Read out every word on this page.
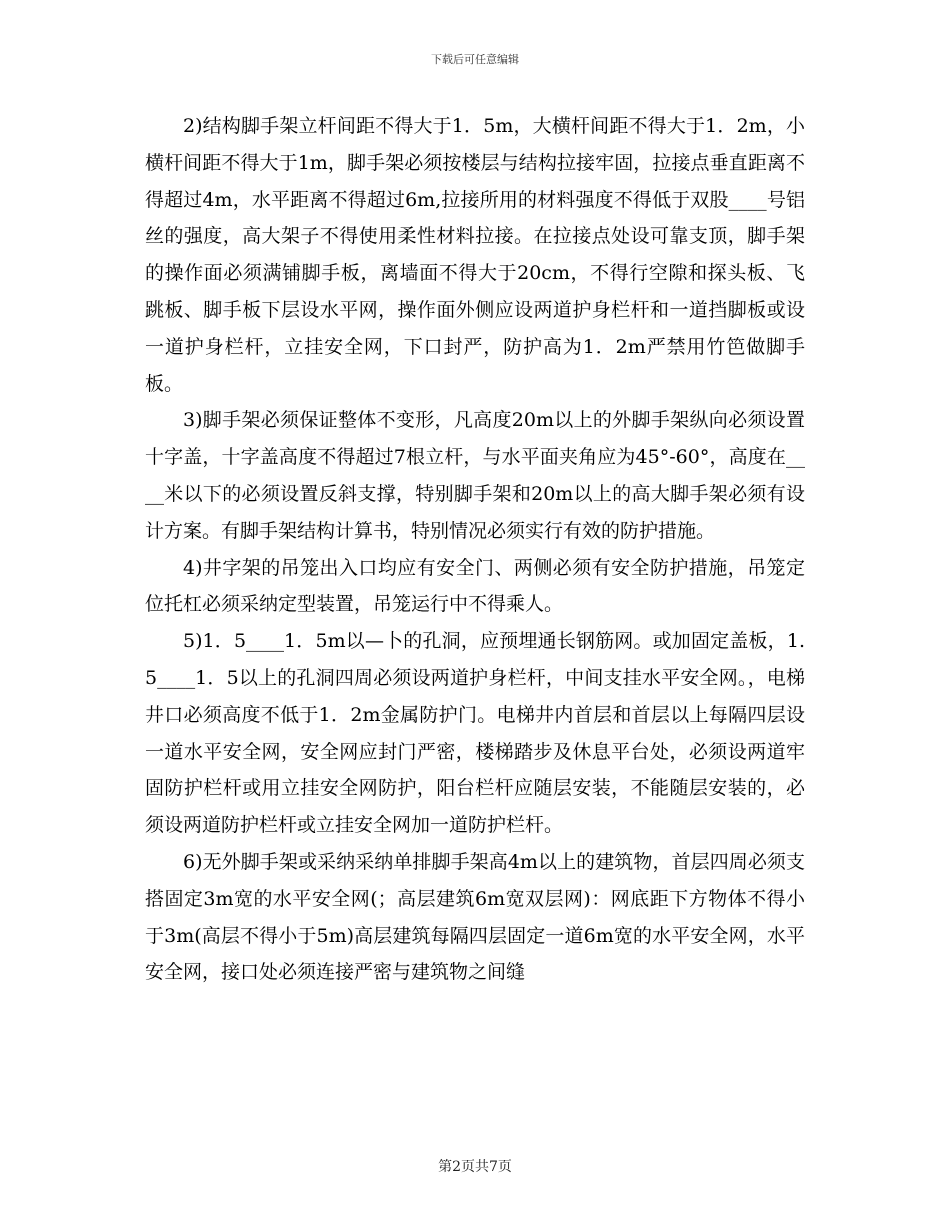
下载后可任意编辑

2)结构脚手架立杆间距不得大于1．5m，大横杆间距不得大于1．2m，小横杆间距不得大于1m，脚手架必须按楼层与结构拉接牢固，拉接点垂直距离不得超过4m，水平距离不得超过6m,拉接所用的材料强度不得低于双股____号铝丝的强度，高大架子不得使用柔性材料拉接。在拉接点处设可靠支顶，脚手架的操作面必须满铺脚手板，离墙面不得大于20cm，不得行空隙和探头板、飞跳板、脚手板下层设水平网，操作面外侧应设两道护身栏杆和一道挡脚板或设一道护身栏杆，立挂安全网，下口封严，防护高为1．2m严禁用竹笆做脚手板。

3)脚手架必须保证整体不变形，凡高度20m以上的外脚手架纵向必须设置十字盖，十字盖高度不得超过7根立杆，与水平面夹角应为45°-60°，高度在____米以下的必须设置反斜支撑，特别脚手架和20m以上的高大脚手架必须有设计方案。有脚手架结构计算书，特别情况必须实行有效的防护措施。

4)井字架的吊笼出入口均应有安全门、两侧必须有安全防护措施，吊笼定位托杠必须采纳定型装置，吊笼运行中不得乘人。

5)1．5____1．5m以—卜的孔洞，应预埋通长钢筋网。或加固定盖板，1.5____1．5以上的孔洞四周必须设两道护身栏杆，中间支挂水平安全网。，电梯井口必须高度不低于1．2m金属防护门。电梯井内首层和首层以上每隔四层设一道水平安全网，安全网应封门严密，楼梯踏步及休息平台处，必须设两道牢固防护栏杆或用立挂安全网防护，阳台栏杆应随层安装，不能随层安装的，必须设两道防护栏杆或立挂安全网加一道防护栏杆。

6)无外脚手架或采纳采纳单排脚手架高4m以上的建筑物，首层四周必须支搭固定3m宽的水平安全网(；高层建筑6m宽双层网)：网底距下方物体不得小于3m(高层不得小于5m)高层建筑每隔四层固定一道6m宽的水平安全网，水平安全网，接口处必须连接严密与建筑物之间缝

第2页共7页
